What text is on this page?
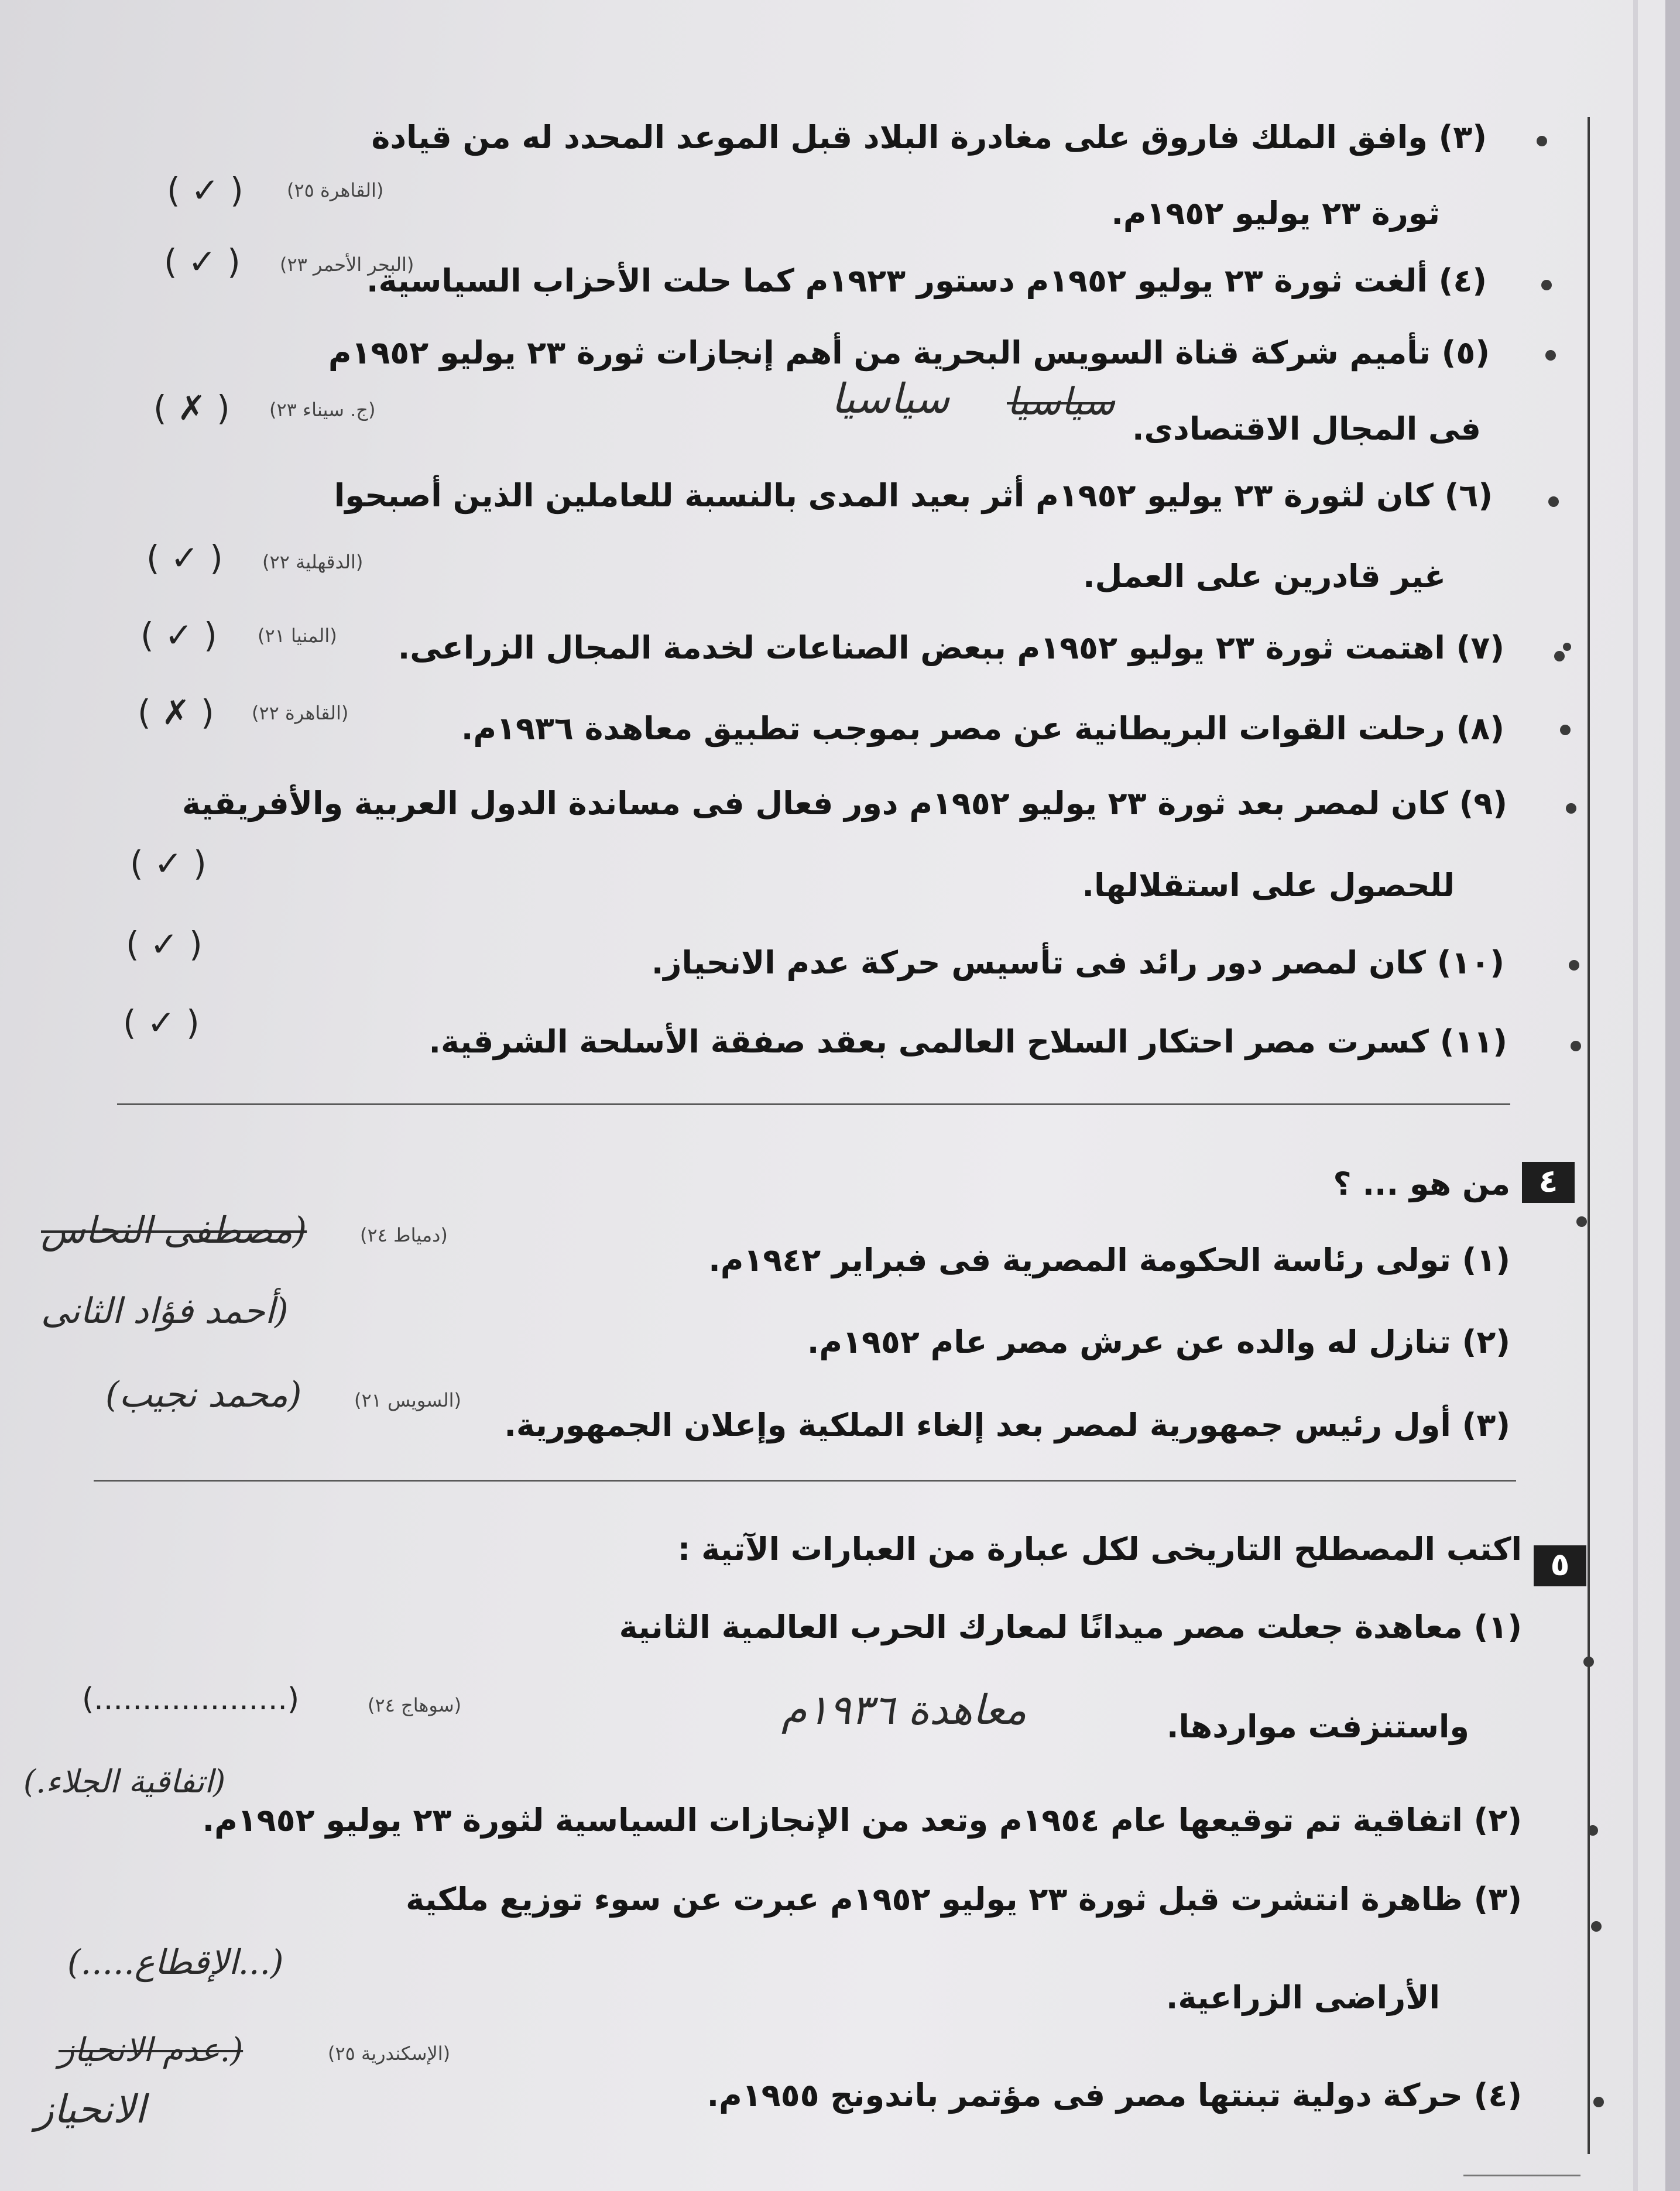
(٣) وافق الملك فاروق على مغادرة البلاد قبل الموعد المحدد له من قيادة
ثورة ٢٣ يوليو ١٩٥٢م.
(القاهرة ٢٥)
( ✓ )
(٤) ألغت ثورة ٢٣ يوليو ١٩٥٢م دستور ١٩٢٣م كما حلت الأحزاب السياسية.
(البحر الأحمر ٢٣)
( ✓ )
(٥) تأميم شركة قناة السويس البحرية من أهم إنجازات ثورة ٢٣ يوليو ١٩٥٢م
فى المجال الاقتصادى.
سياسيا
سياسيا
(ج. سيناء ٢٣)
( ✗ )
(٦) كان لثورة ٢٣ يوليو ١٩٥٢م أثر بعيد المدى بالنسبة للعاملين الذين أصبحوا
غير قادرين على العمل.
(الدقهلية ٢٢)
( ✓ )
(٧) اهتمت ثورة ٢٣ يوليو ١٩٥٢م ببعض الصناعات لخدمة المجال الزراعى.
(المنيا ٢١)
( ✓ )
(٨) رحلت القوات البريطانية عن مصر بموجب تطبيق معاهدة ١٩٣٦م.
(القاهرة ٢٢)
( ✗ )
(٩) كان لمصر بعد ثورة ٢٣ يوليو ١٩٥٢م دور فعال فى مساندة الدول العربية والأفريقية
للحصول على استقلالها.
( ✓ )
(١٠) كان لمصر دور رائد فى تأسيس حركة عدم الانحياز.
( ✓ )
(١١) كسرت مصر احتكار السلاح العالمى بعقد صفقة الأسلحة الشرقية.
( ✓ )
٤
من هو ... ؟
(١) تولى رئاسة الحكومة المصرية فى فبراير ١٩٤٢م.
(دمياط ٢٤)
(مصطفى النحاس
(٢) تنازل له والده عن عرش مصر عام ١٩٥٢م.
(أحمد فؤاد الثانى
(٣) أول رئيس جمهورية لمصر بعد إلغاء الملكية وإعلان الجمهورية.
(السويس ٢١)
(محمد نجيب)
٥
اكتب المصطلح التاريخى لكل عبارة من العبارات الآتية :
(١) معاهدة جعلت مصر ميدانًا لمعارك الحرب العالمية الثانية
واستنزفت مواردها.
معاهدة ١٩٣٦م
(سوهاج ٢٤)
(....................)
(٢) اتفاقية تم توقيعها عام ١٩٥٤م وتعد من الإنجازات السياسية لثورة ٢٣ يوليو ١٩٥٢م.
(اتفاقية الجلاء.)
(٣) ظاهرة انتشرت قبل ثورة ٢٣ يوليو ١٩٥٢م عبرت عن سوء توزيع ملكية
الأراضى الزراعية.
(...الإقطاع.....)
(٤) حركة دولية تبنتها مصر فى مؤتمر باندونج ١٩٥٥م.
(الإسكندرية ٢٥)
(.عدم الانحياز
الانحياز
